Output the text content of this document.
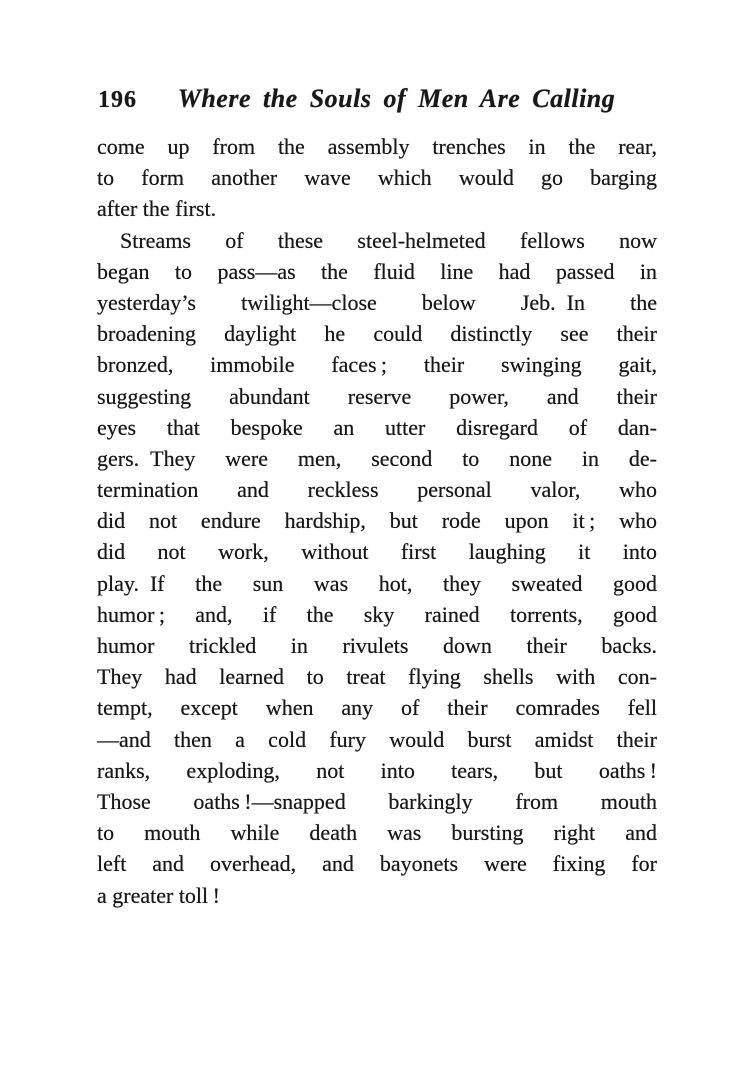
196	Where the Souls of Men Are Calling
come up from the assembly trenches in the rear,
to form another wave which would go barging
after the first.
Streams of these steel-helmeted fellows now
began to pass—as the fluid line had passed in
yesterday’s twilight—close below Jeb. In the
broadening daylight he could distinctly see their
bronzed, immobile faces ; their swinging gait,
suggesting abundant reserve power, and their
eyes that bespoke an utter disregard of dan-
gers. They were men, second to none in de-
termination and reckless personal valor, who
did not endure hardship, but rode upon it ; who
did not work, without first laughing it into
play. If the sun was hot, they sweated good
humor ; and, if the sky rained torrents, good
humor trickled in rivulets down their backs.
They had learned to treat flying shells with con-
tempt, except when any of their comrades fell
—and then a cold fury would burst amidst their
ranks, exploding, not into tears, but oaths !
Those oaths !—snapped barkingly from mouth
to mouth while death was bursting right and
left and overhead, and bayonets were fixing for
a greater toll !
